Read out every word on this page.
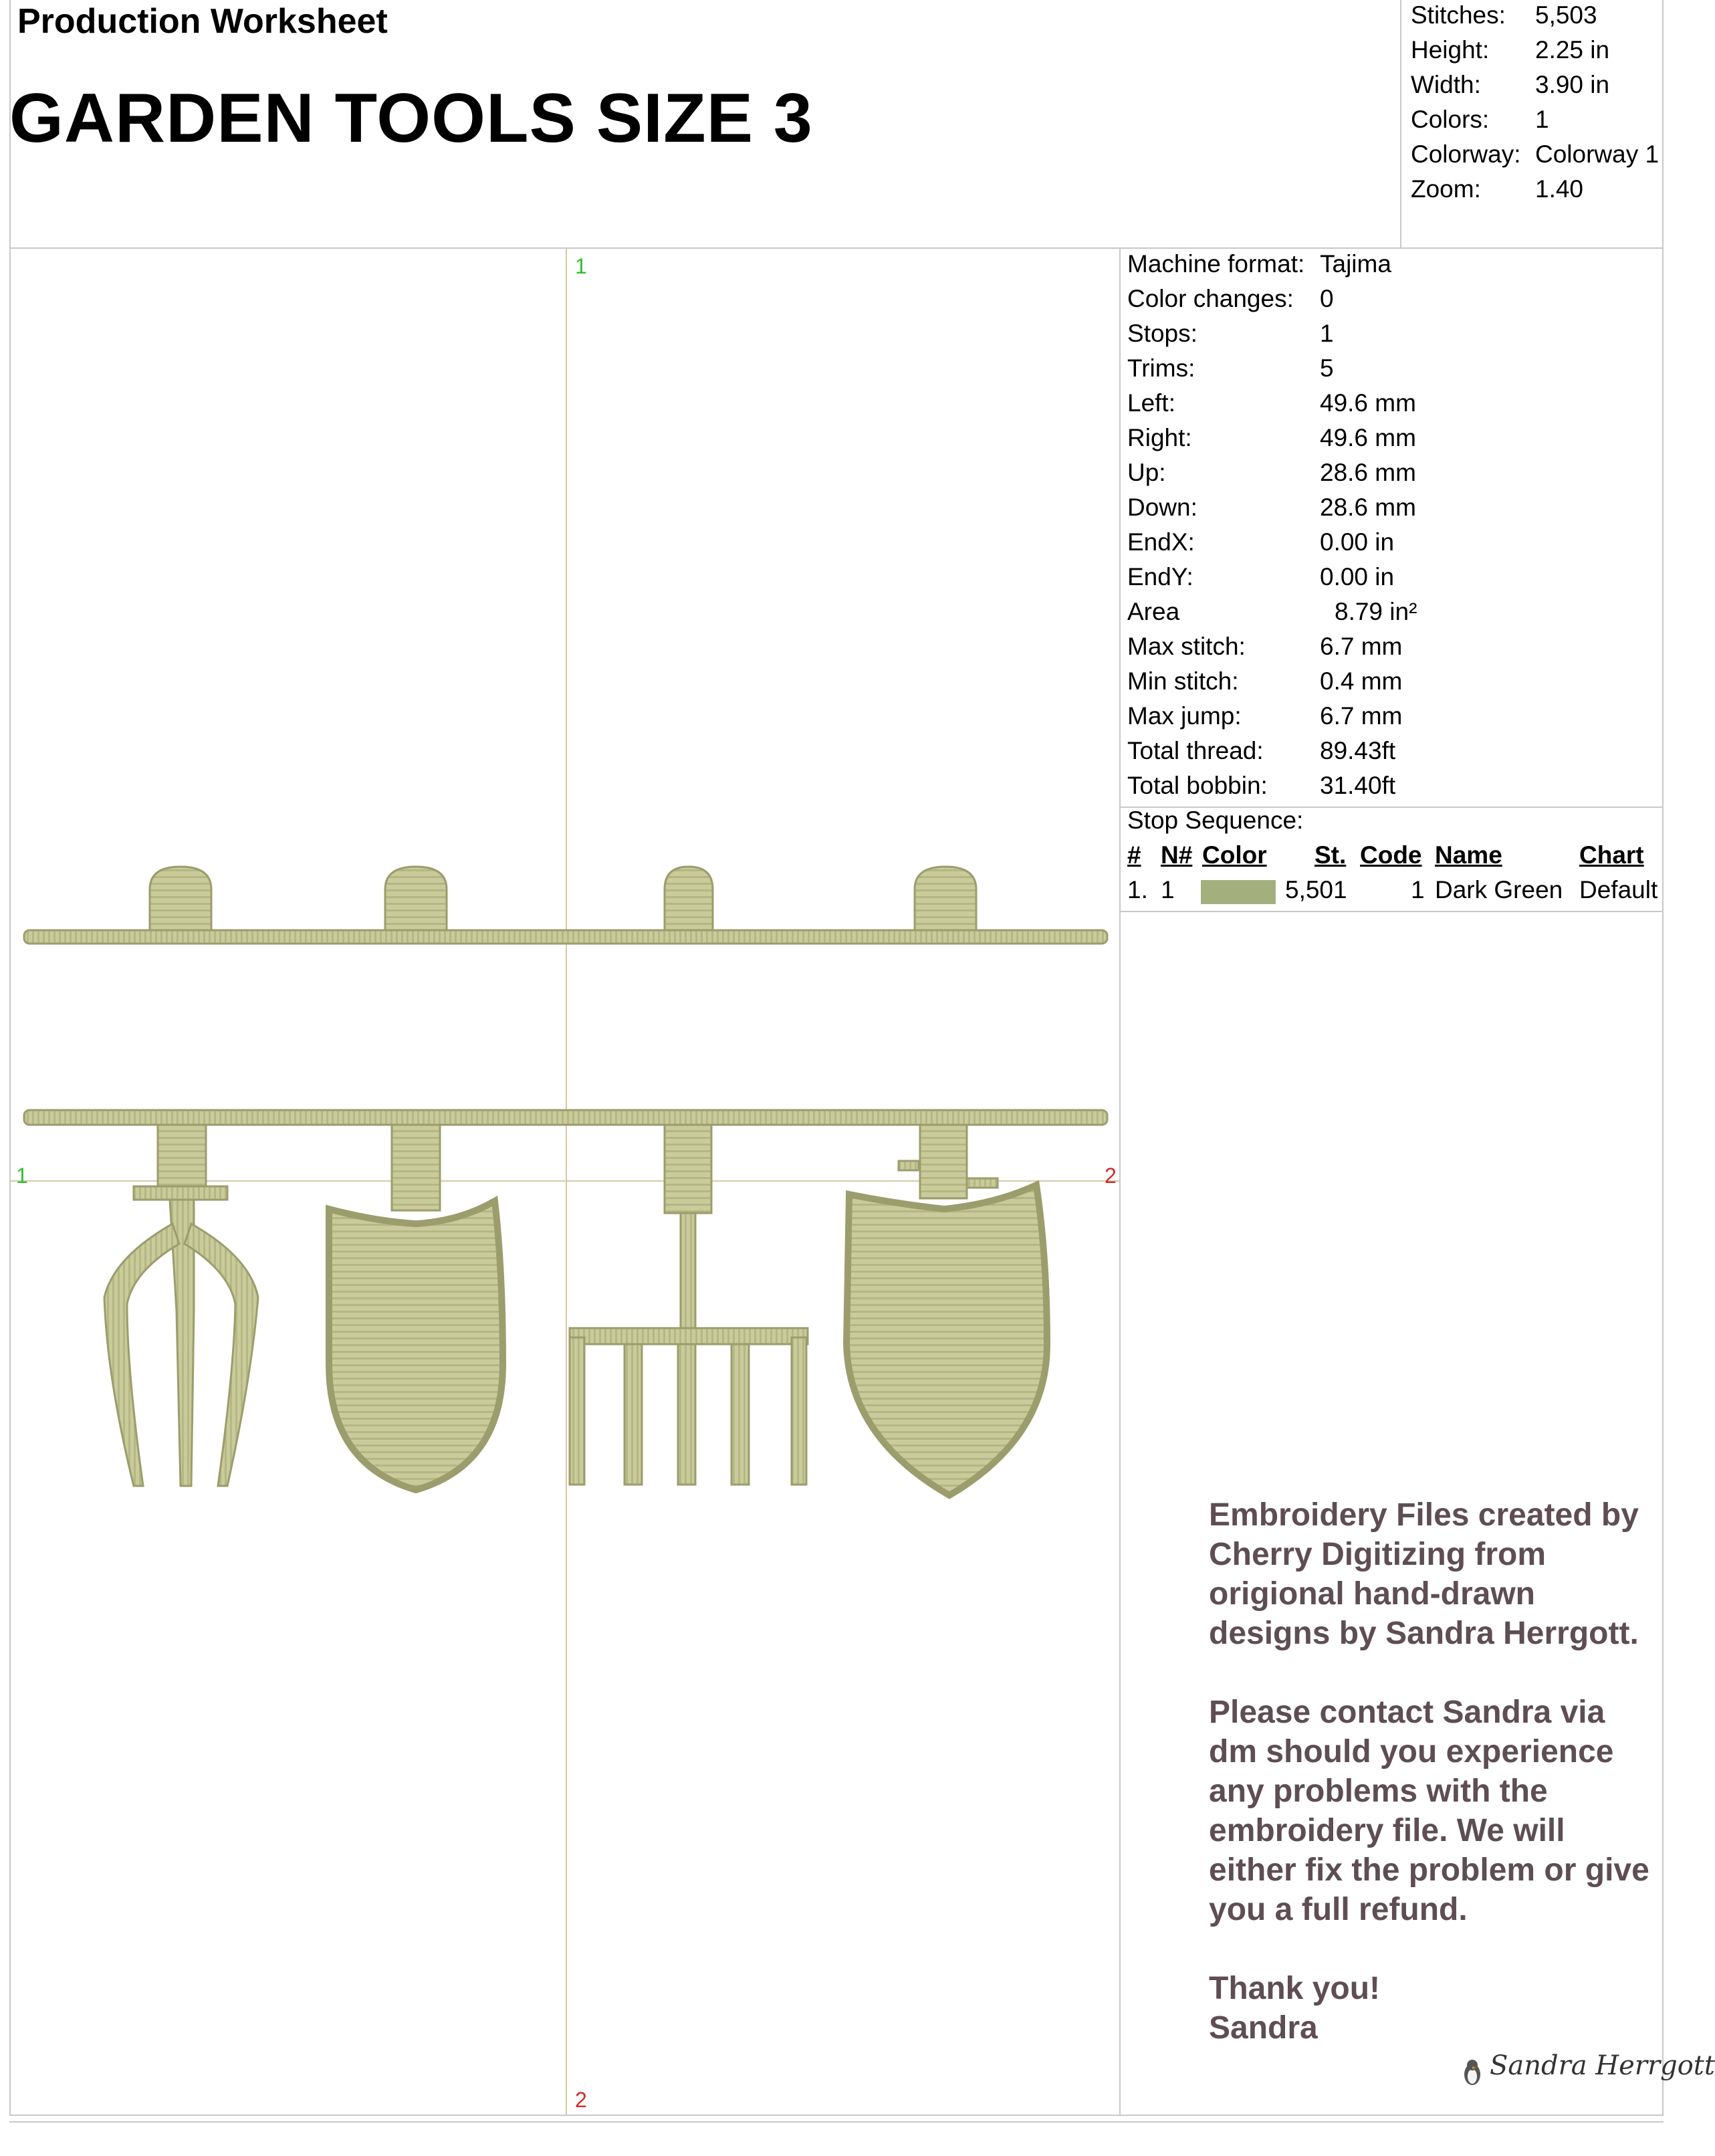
Production Worksheet
GARDEN TOOLS SIZE 3
Stitches: 5,503
Height: 2.25 in
Width: 3.90 in
Colors: 1
Colorway: Colorway 1
Zoom: 1.40
1
1	2
2
Machine format: Tajima
Color changes: 0
Stops:	1
Trims:	5
Left:	49.6 mm
Right:	49.6 mm
Up:	28.6 mm
Down:	28.6 mm
EndX:	0.00 in
EndY:	0.00 in
Area	8.79 in²
Max stitch:	6.7 mm
Min stitch:	0.4 mm
Max jump:	6.7 mm
Total thread: 89.43ft
Total bobbin: 31.40ft
Stop Sequence:
# N# Color St. Code Name	Chart
1. 1	5,501	1 Dark Green Default

Embroidery Files created by Cherry Digitizing from origional hand-drawn designs by Sandra Herrgott.

Please contact Sandra via dm should you experience any problems with the embroidery file. We will either fix the problem or give you a full refund.

Thank you!
Sandra
Sandra Herrgott
